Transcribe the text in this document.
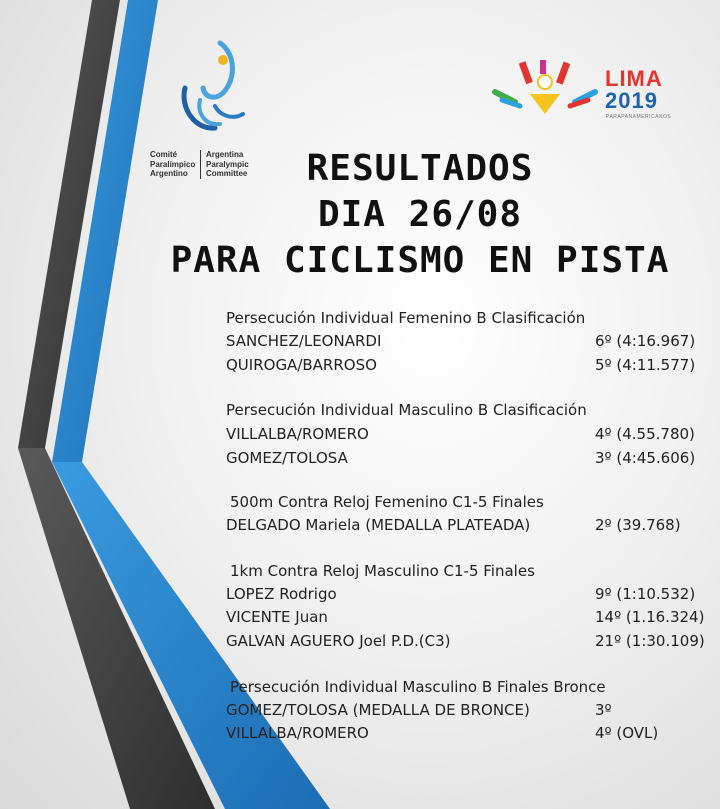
Comité
Paralímpico
Argentino
Argentina
Paralympic
Committee
LIMA
2019
PARAPANAMERICANOS
RESULTADOS
DIA 26/08
PARA CICLISMO EN PISTA
Persecución Individual Femenino B Clasificación
SANCHEZ/LEONARDI	6º (4:16.967)
QUIROGA/BARROSO	5º (4:11.577)
Persecución Individual Masculino B Clasificación
VILLALBA/ROMERO	4º (4.55.780)
GOMEZ/TOLOSA	3º (4:45.606)
500m Contra Reloj Femenino C1-5 Finales
DELGADO Mariela (MEDALLA PLATEADA)	2º (39.768)
1km Contra Reloj Masculino C1-5 Finales
LOPEZ Rodrigo	9º (1:10.532)
VICENTE Juan	14º (1.16.324)
GALVAN AGUERO Joel P.D.(C3)	21º (1:30.109)
Persecución Individual Masculino B Finales Bronce
GOMEZ/TOLOSA (MEDALLA DE BRONCE)	3º
VILLALBA/ROMERO	4º (OVL)
